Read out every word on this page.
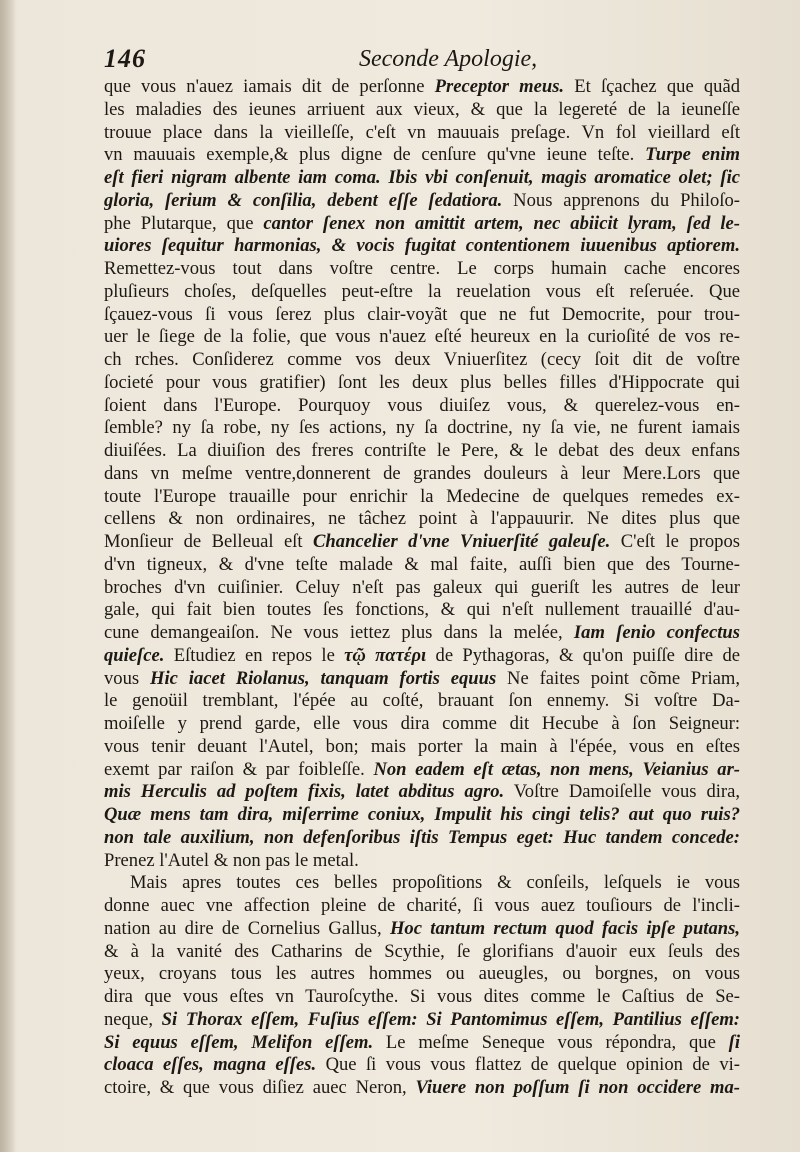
146	Seconde Apologie,
que vous n'auez iamais dit de perſonne Preceptor meus. Et ſçachez que quãd
les maladies des ieunes arriuent aux vieux, & que la legereté de la ieuneſſe
trouue place dans la vieilleſſe, c'eſt vn mauuais preſage. Vn fol vieillard eſt
vn mauuais exemple,& plus digne de cenſure qu'vne ieune teſte. Turpe enim
eſt fieri nigram albente iam coma. Ibis vbi conſenuit, magis aromatice olet; ſic
gloria, ſerium & conſilia, debent eſſe ſedatiora. Nous apprenons du Philoſo-
phe Plutarque, que cantor ſenex non amittit artem, nec abiicit lyram, ſed le-
uiores ſequitur harmonias, & vocis fugitat contentionem iuuenibus aptiorem.
Remettez-vous tout dans voſtre centre. Le corps humain cache encores
pluſieurs choſes, deſquelles peut-eſtre la reuelation vous eſt reſeruée. Que
ſçauez-vous ſi vous ſerez plus clair-voyãt que ne fut Democrite, pour trou-
uer le ſiege de la folie, que vous n'auez eſté heureux en la curioſité de vos re-
ch rches. Conſiderez comme vos deux Vniuerſitez (cecy ſoit dit de voſtre
ſocieté pour vous gratifier) ſont les deux plus belles filles d'Hippocrate qui
ſoient dans l'Europe. Pourquoy vous diuiſez vous, & querelez-vous en-
ſemble? ny ſa robe, ny ſes actions, ny ſa doctrine, ny ſa vie, ne furent iamais
diuiſées. La diuiſion des freres contriſte le Pere, & le debat des deux enfans
dans vn meſme ventre,donnerent de grandes douleurs à leur Mere.Lors que
toute l'Europe trauaille pour enrichir la Medecine de quelques remedes ex-
cellens & non ordinaires, ne tâchez point à l'appauurir. Ne dites plus que
Monſieur de Belleual eſt Chancelier d'vne Vniuerſité galeuſe. C'eſt le propos
d'vn tigneux, & d'vne teſte malade & mal faite, auſſi bien que des Tourne-
broches d'vn cuiſinier. Celuy n'eſt pas galeux qui gueriſt les autres de leur
gale, qui fait bien toutes ſes fonctions, & qui n'eſt nullement trauaillé d'au-
cune demangeaiſon. Ne vous iettez plus dans la melée, Iam ſenio confectus
quieſce. Eſtudiez en repos le τῷ πατέρι de Pythagoras, & qu'on puiſſe dire de
vous Hic iacet Riolanus, tanquam fortis equus Ne faites point cõme Priam,
le genoüil tremblant, l'épée au coſté, brauant ſon ennemy. Si voſtre Da-
moiſelle y prend garde, elle vous dira comme dit Hecube à ſon Seigneur:
vous tenir deuant l'Autel, bon; mais porter la main à l'épée, vous en eſtes
exemt par raiſon & par foibleſſe. Non eadem eſt ætas, non mens, Veianius ar-
mis Herculis ad poſtem fixis, latet abditus agro. Voſtre Damoiſelle vous dira,
Quæ mens tam dira, miſerrime coniux, Impulit his cingi telis? aut quo ruis?
non tale auxilium, non defenſoribus iſtis Tempus eget: Huc tandem concede:
Prenez l'Autel & non pas le metal.
Mais apres toutes ces belles propoſitions & conſeils, leſquels ie vous
donne auec vne affection pleine de charité, ſi vous auez touſiours de l'incli-
nation au dire de Cornelius Gallus, Hoc tantum rectum quod facis ipſe putans,
& à la vanité des Catharins de Scythie, ſe glorifians d'auoir eux ſeuls des
yeux, croyans tous les autres hommes ou aueugles, ou borgnes, on vous
dira que vous eſtes vn Tauroſcythe. Si vous dites comme le Caſtius de Se-
neque, Si Thorax eſſem, Fuſius eſſem: Si Pantomimus eſſem, Pantilius eſſem:
Si equus eſſem, Melifon eſſem. Le meſme Seneque vous répondra, que ſi
cloaca eſſes, magna eſſes. Que ſi vous vous flattez de quelque opinion de vi-
ctoire, & que vous diſiez auec Neron, Viuere non poſſum ſi non occidere ma-
